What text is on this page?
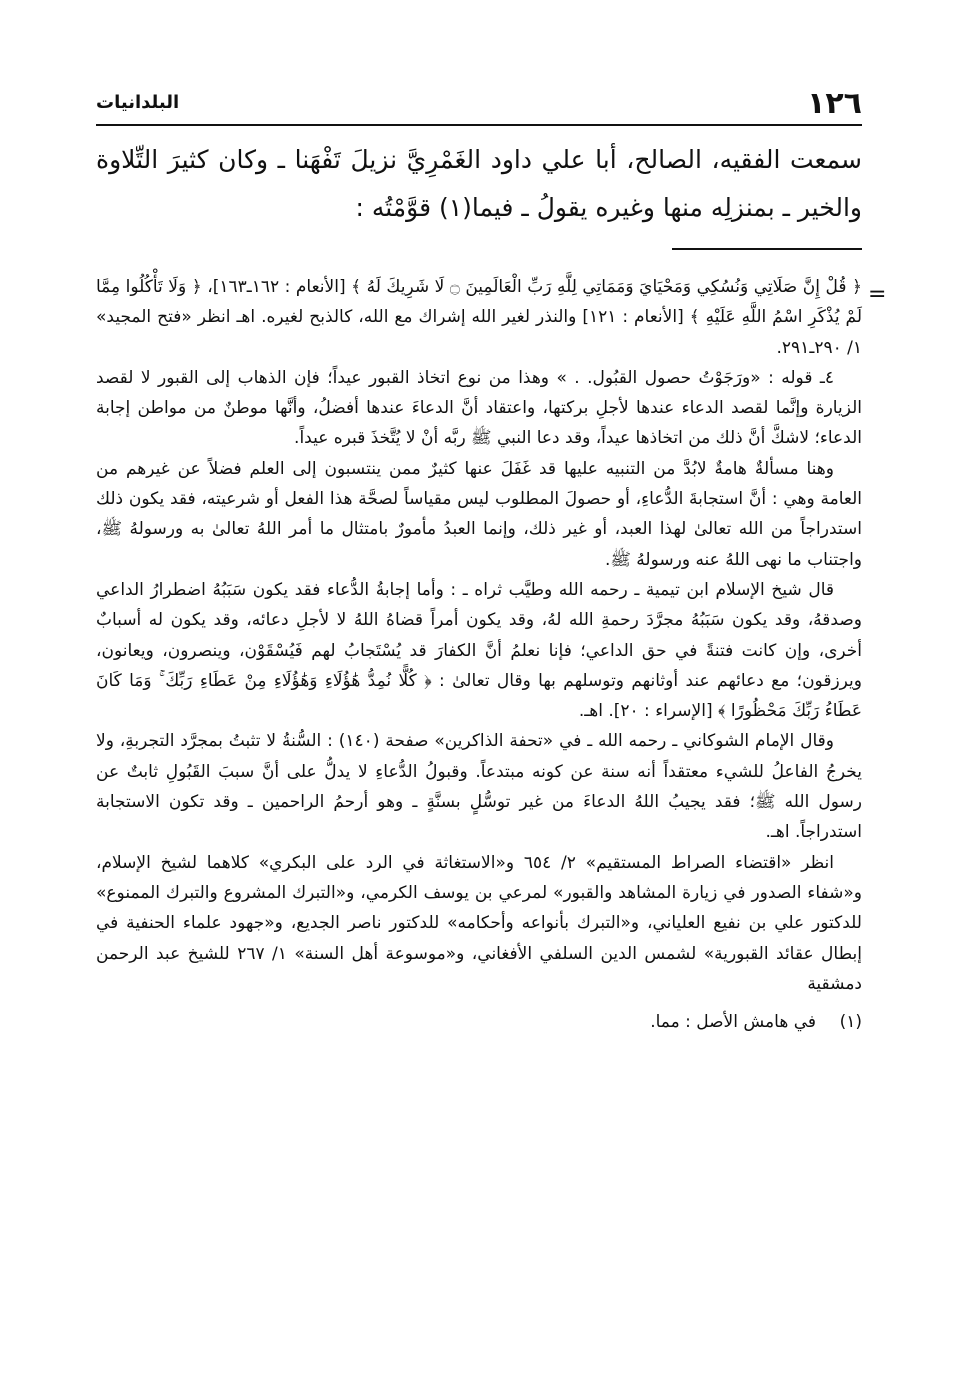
١٢٦
البلدانيات
سمعت الفقيه، الصالح، أبا علي داود الغَمْرِيَّ نزيلَ تَفْهَنا ـ وكان كثيرَ التِّلاوة والخير ـ بمنزلِه منها وغيره يقولُ ـ فيما(١) قوَّمْتُه :
=

﴿ قُلْ إِنَّ صَلَاتِي وَنُسُكِي وَمَحْيَايَ وَمَمَاتِي لِلَّهِ رَبِّ الْعَالَمِينَ ۝ لَا شَرِيكَ لَهُ ﴾ [الأنعام : ١٦٢ـ١٦٣]، ﴿ وَلَا تَأْكُلُوا مِمَّا لَمْ يُذْكَرِ اسْمُ اللَّهِ عَلَيْهِ ﴾ [الأنعام : ١٢١] والنذر لغير الله إشراك مع الله، كالذبح لغيره. اهـ انظر «فتح المجيد» ١/ ٢٩٠ـ٢٩١.

٤ـ قوله : «ورَجَوْتُ حصول القبُول. . » وهذا من نوع اتخاذ القبور عيداً؛ فإن الذهاب إلى القبور لا لقصد الزيارة وإنَّما لقصد الدعاء عندها لأجلِ بركتها، واعتقاد أنَّ الدعاءَ عندها أفضلُ، وأنَّها موطنٌ من مواطن إجابة الدعاء؛ لاشكَّ أنَّ ذلك من اتخاذها عيداً، وقد دعا النبي ﷺ ربَّه أنْ لا يُتَّخذَ قبره عيداً.

وهنا مسألةٌ هامةٌ لابُدَّ من التنبيه عليها قد غَفَلَ عنها كثيرٌ ممن ينتسبون إلى العلم فضلاً عن غيرهم من العامة وهي : أنَّ استجابةَ الدُّعاءِ، أو حصولَ المطلوب ليس مقياساً لصحَّة هذا الفعل أو شرعيته، فقد يكون ذلك استدراجاً من الله تعالىٰ لهذا العبد، أو غير ذلك، وإنما العبدُ مأمورٌ بامتثال ما أمر اللهُ تعالىٰ به ورسولهُ ﷺ، واجتناب ما نهى اللهُ عنه ورسولهُ ﷺ.

قال شيخ الإسلام ابن تيمية ـ رحمه الله وطيَّب ثراه ـ : وأما إجابةُ الدُّعاء فقد يكون سَبَبُهُ اضطرارُ الداعي وصدقهُ، وقد يكون سَبَبُهُ مجرَّدَ رحمةِ الله لهُ، وقد يكون أمراً قضاهُ اللهُ لا لأجلِ دعائه، وقد يكون له أسبابٌ أخرى، وإن كانت فتنةً في حق الداعي؛ فإنا نعلمُ أنَّ الكفارَ قد يُسْتَجابُ لهم فَيُسْقَوْن، وينصرون، ويعانون، ويرزقون؛ مع دعائهم عند أوثانهم وتوسلهم بها وقال تعالىٰ : ﴿ كُلًّا نُمِدُّ هَٰؤُلَاءِ وَهَٰؤُلَاءِ مِنْ عَطَاءِ رَبِّكَ ۚ وَمَا كَانَ عَطَاءُ رَبِّكَ مَحْظُورًا ﴾ [الإسراء : ٢٠]. اهـ.

وقال الإمام الشوكاني ـ رحمه الله ـ في «تحفة الذاكرين» صفحة (١٤٠) : السُّنةُ لا تثبتُ بمجرَّد التجربةِ، ولا يخرجُ الفاعلُ للشيء معتقداً أنه سنة عن كونه مبتدعاً. وقبولُ الدُّعاءِ لا يدلُّ على أنَّ سببَ القَبُولِ ثابتٌ عن رسول الله ﷺ؛ فقد يجيبُ اللهُ الدعاءَ من غير توسُّلٍ بسنَّةٍ ـ وهو أرحمُ الراحمين ـ وقد تكون الاستجابة استدراجاً. اهـ.

انظر «اقتضاء الصراط المستقيم» ٢/ ٦٥٤ و«الاستغاثة في الرد على البكري» كلاهما لشيخ الإسلام، و«شفاء الصدور في زيارة المشاهد والقبور» لمرعي بن يوسف الكرمي، و«التبرك المشروع والتبرك الممنوع» للدكتور علي بن نفيع العلياني، و«التبرك بأنواعه وأحكامه» للدكتور ناصر الجديع، و«جهود علماء الحنفية في إبطال عقائد القبورية» لشمس الدين السلفي الأفغاني، و«موسوعة أهل السنة» ١/ ٢٦٧ للشيخ عبد الرحمن دمشقية

(١)في هامش الأصل : مما.
